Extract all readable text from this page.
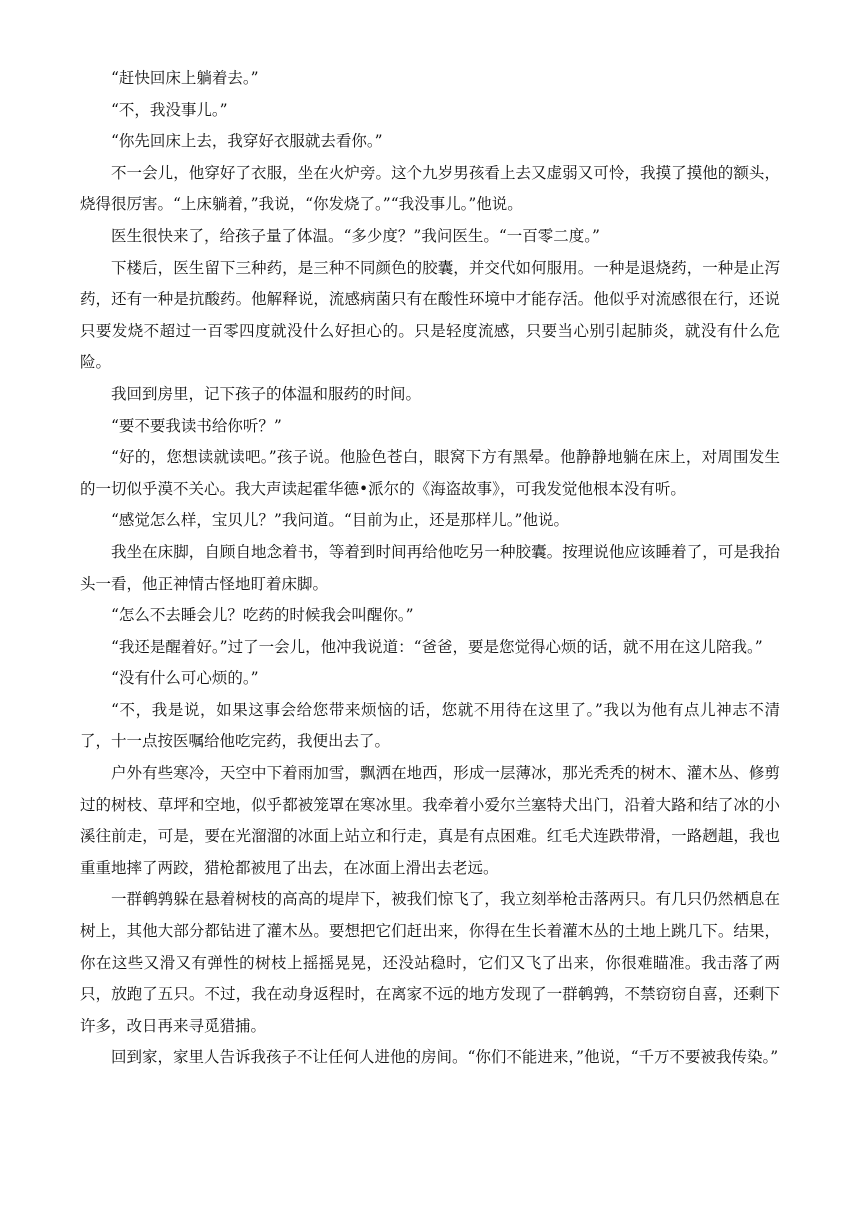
“赶快回床上躺着去。”

“不，我没事儿。”

“你先回床上去，我穿好衣服就去看你。”

不一会儿，他穿好了衣服，坐在火炉旁。这个九岁男孩看上去又虚弱又可怜，我摸了摸他的额头，烧得很厉害。“上床躺着，”我说，“你发烧了。”“我没事儿。”他说。

医生很快来了，给孩子量了体温。“多少度？”我问医生。“一百零二度。”

下楼后，医生留下三种药，是三种不同颜色的胶囊，并交代如何服用。一种是退烧药，一种是止泻药，还有一种是抗酸药。他解释说，流感病菌只有在酸性环境中才能存活。他似乎对流感很在行，还说只要发烧不超过一百零四度就没什么好担心的。只是轻度流感，只要当心别引起肺炎，就没有什么危险。

我回到房里，记下孩子的体温和服药的时间。

“要不要我读书给你听？”

“好的，您想读就读吧。”孩子说。他脸色苍白，眼窝下方有黑晕。他静静地躺在床上，对周围发生的一切似乎漠不关心。我大声读起霍华德•派尔的《海盗故事》，可我发觉他根本没有听。

“感觉怎么样，宝贝儿？”我问道。“目前为止，还是那样儿。”他说。

我坐在床脚，自顾自地念着书，等着到时间再给他吃另一种胶囊。按理说他应该睡着了，可是我抬头一看，他正神情古怪地盯着床脚。

“怎么不去睡会儿？吃药的时候我会叫醒你。”

“我还是醒着好。”过了一会儿，他冲我说道：“爸爸，要是您觉得心烦的话，就不用在这儿陪我。”

“没有什么可心烦的。”

“不，我是说，如果这事会给您带来烦恼的话，您就不用待在这里了。”我以为他有点儿神志不清了，十一点按医嘱给他吃完药，我便出去了。

户外有些寒冷，天空中下着雨加雪，飘洒在地西，形成一层薄冰，那光秃秃的树木、灌木丛、修剪过的树枝、草坪和空地，似乎都被笼罩在寒冰里。我牵着小爱尔兰塞特犬出门，沿着大路和结了冰的小溪往前走，可是，要在光溜溜的冰面上站立和行走，真是有点困难。红毛犬连跌带滑，一路趔趄，我也重重地摔了两跤，猎枪都被甩了出去，在冰面上滑出去老远。

一群鹌鹑躲在悬着树枝的高高的堤岸下，被我们惊飞了，我立刻举枪击落两只。有几只仍然栖息在树上，其他大部分都钻进了灌木丛。要想把它们赶出来，你得在生长着灌木丛的土地上跳几下。结果，你在这些又滑又有弹性的树枝上摇摇晃晃，还没站稳时，它们又飞了出来，你很难瞄准。我击落了两只，放跑了五只。不过，我在动身返程时，在离家不远的地方发现了一群鹌鹑，不禁窃窃自喜，还剩下许多，改日再来寻觅猎捕。

回到家，家里人告诉我孩子不让任何人进他的房间。“你们不能进来，”他说，“千万不要被我传染。”
